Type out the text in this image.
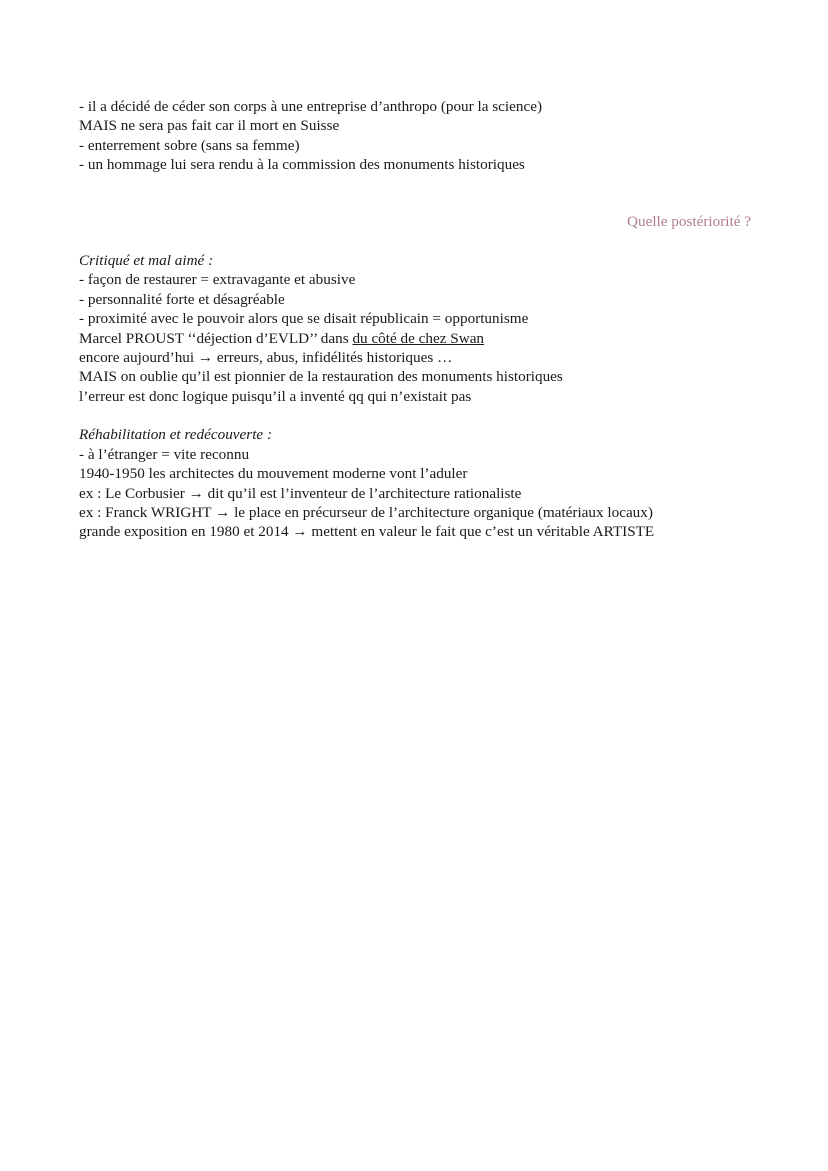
- il a décidé de céder son corps à une entreprise d’anthropo (pour la science)
MAIS ne sera pas fait car il mort en Suisse
- enterrement sobre (sans sa femme)
- un hommage lui sera rendu à la commission des monuments historiques
Quelle postériorité ?
Critiqué et mal aimé :
- façon de restaurer = extravagante et abusive
- personnalité forte et désagréable
- proximité avec le pouvoir alors que se disait républicain = opportunisme
Marcel PROUST ‘‘déjection d’EVLD’’ dans du côté de chez Swan
encore aujourd’hui → erreurs, abus, infidélités historiques …
MAIS on oublie qu’il est pionnier de la restauration des monuments historiques
l’erreur est donc logique puisqu’il a inventé qq qui n’existait pas
Réhabilitation et redécouverte :
- à l’étranger = vite reconnu
1940-1950 les architectes du mouvement moderne vont l’aduler
ex : Le Corbusier → dit qu’il est l’inventeur de l’architecture rationaliste
ex : Franck WRIGHT → le place en précurseur de l’architecture organique (matériaux locaux)
grande exposition en 1980 et 2014 → mettent en valeur le fait que c’est un véritable ARTISTE
